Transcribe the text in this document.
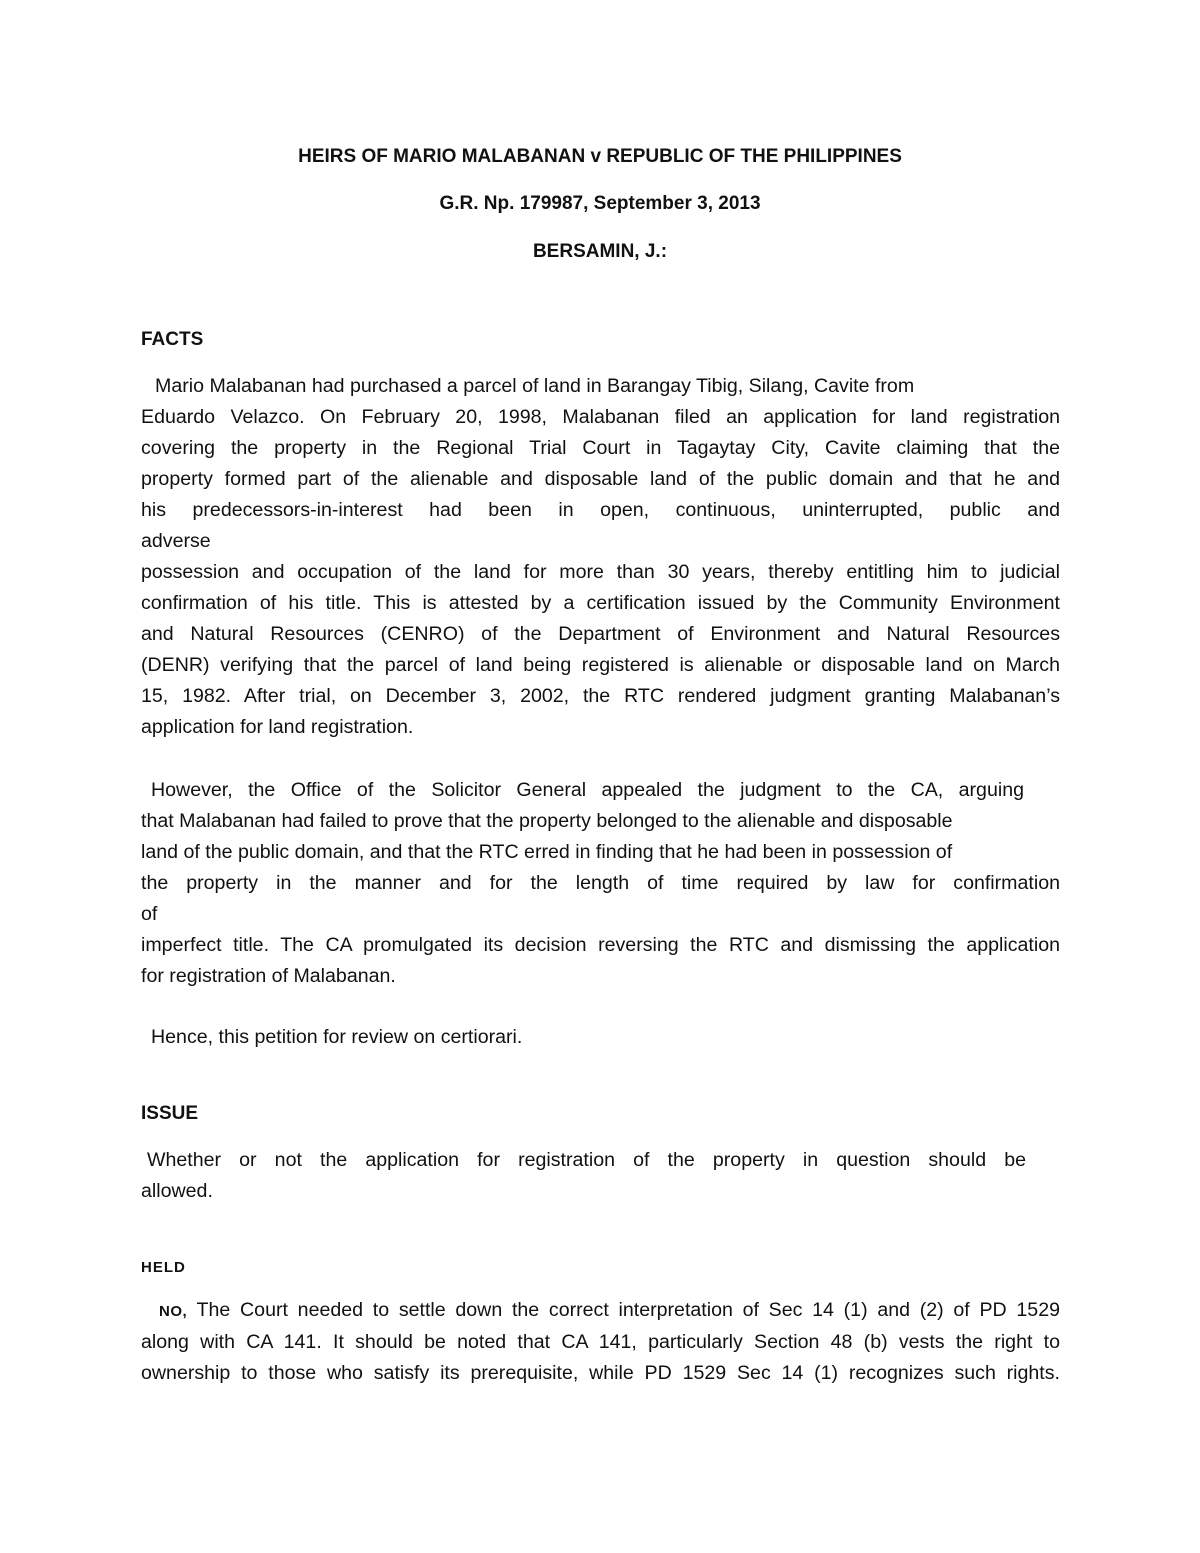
HEIRS OF MARIO MALABANAN v REPUBLIC OF THE PHILIPPINES

G.R. Np. 179987, September 3, 2013

BERSAMIN, J.:

FACTS

Mario Malabanan had purchased a parcel of land in Barangay Tibig, Silang, Cavite from
Eduardo Velazco. On February 20, 1998, Malabanan filed an application for land registration
covering the property in the Regional Trial Court in Tagaytay City, Cavite claiming that the
property formed part of the alienable and disposable land of the public domain and that he and
his predecessors-in-interest had been in open, continuous, uninterrupted, public and
adverse
possession and occupation of the land for more than 30 years, thereby entitling him to judicial
confirmation of his title. This is attested by a certification issued by the Community Environment
and Natural Resources (CENRO) of the Department of Environment and Natural Resources
(DENR) verifying that the parcel of land being registered is alienable or disposable land on March
15, 1982. After trial, on December 3, 2002, the RTC rendered judgment granting Malabanan’s
application for land registration.
However, the Office of the Solicitor General appealed the judgment to the CA, arguing
that Malabanan had failed to prove that the property belonged to the alienable and disposable
land of the public domain, and that the RTC erred in finding that he had been in possession of
the property in the manner and for the length of time required by law for confirmation
of
imperfect title. The CA promulgated its decision reversing the RTC and dismissing the application
for registration of Malabanan.
Hence, this petition for review on certiorari.

ISSUE

Whether or not the application for registration of the property in question should be
allowed.

HELD

NO, The Court needed to settle down the correct interpretation of Sec 14 (1) and (2) of PD 1529
along with CA 141. It should be noted that CA 141, particularly Section 48 (b) vests the right to
ownership to those who satisfy its prerequisite, while PD 1529 Sec 14 (1) recognizes such rights.
